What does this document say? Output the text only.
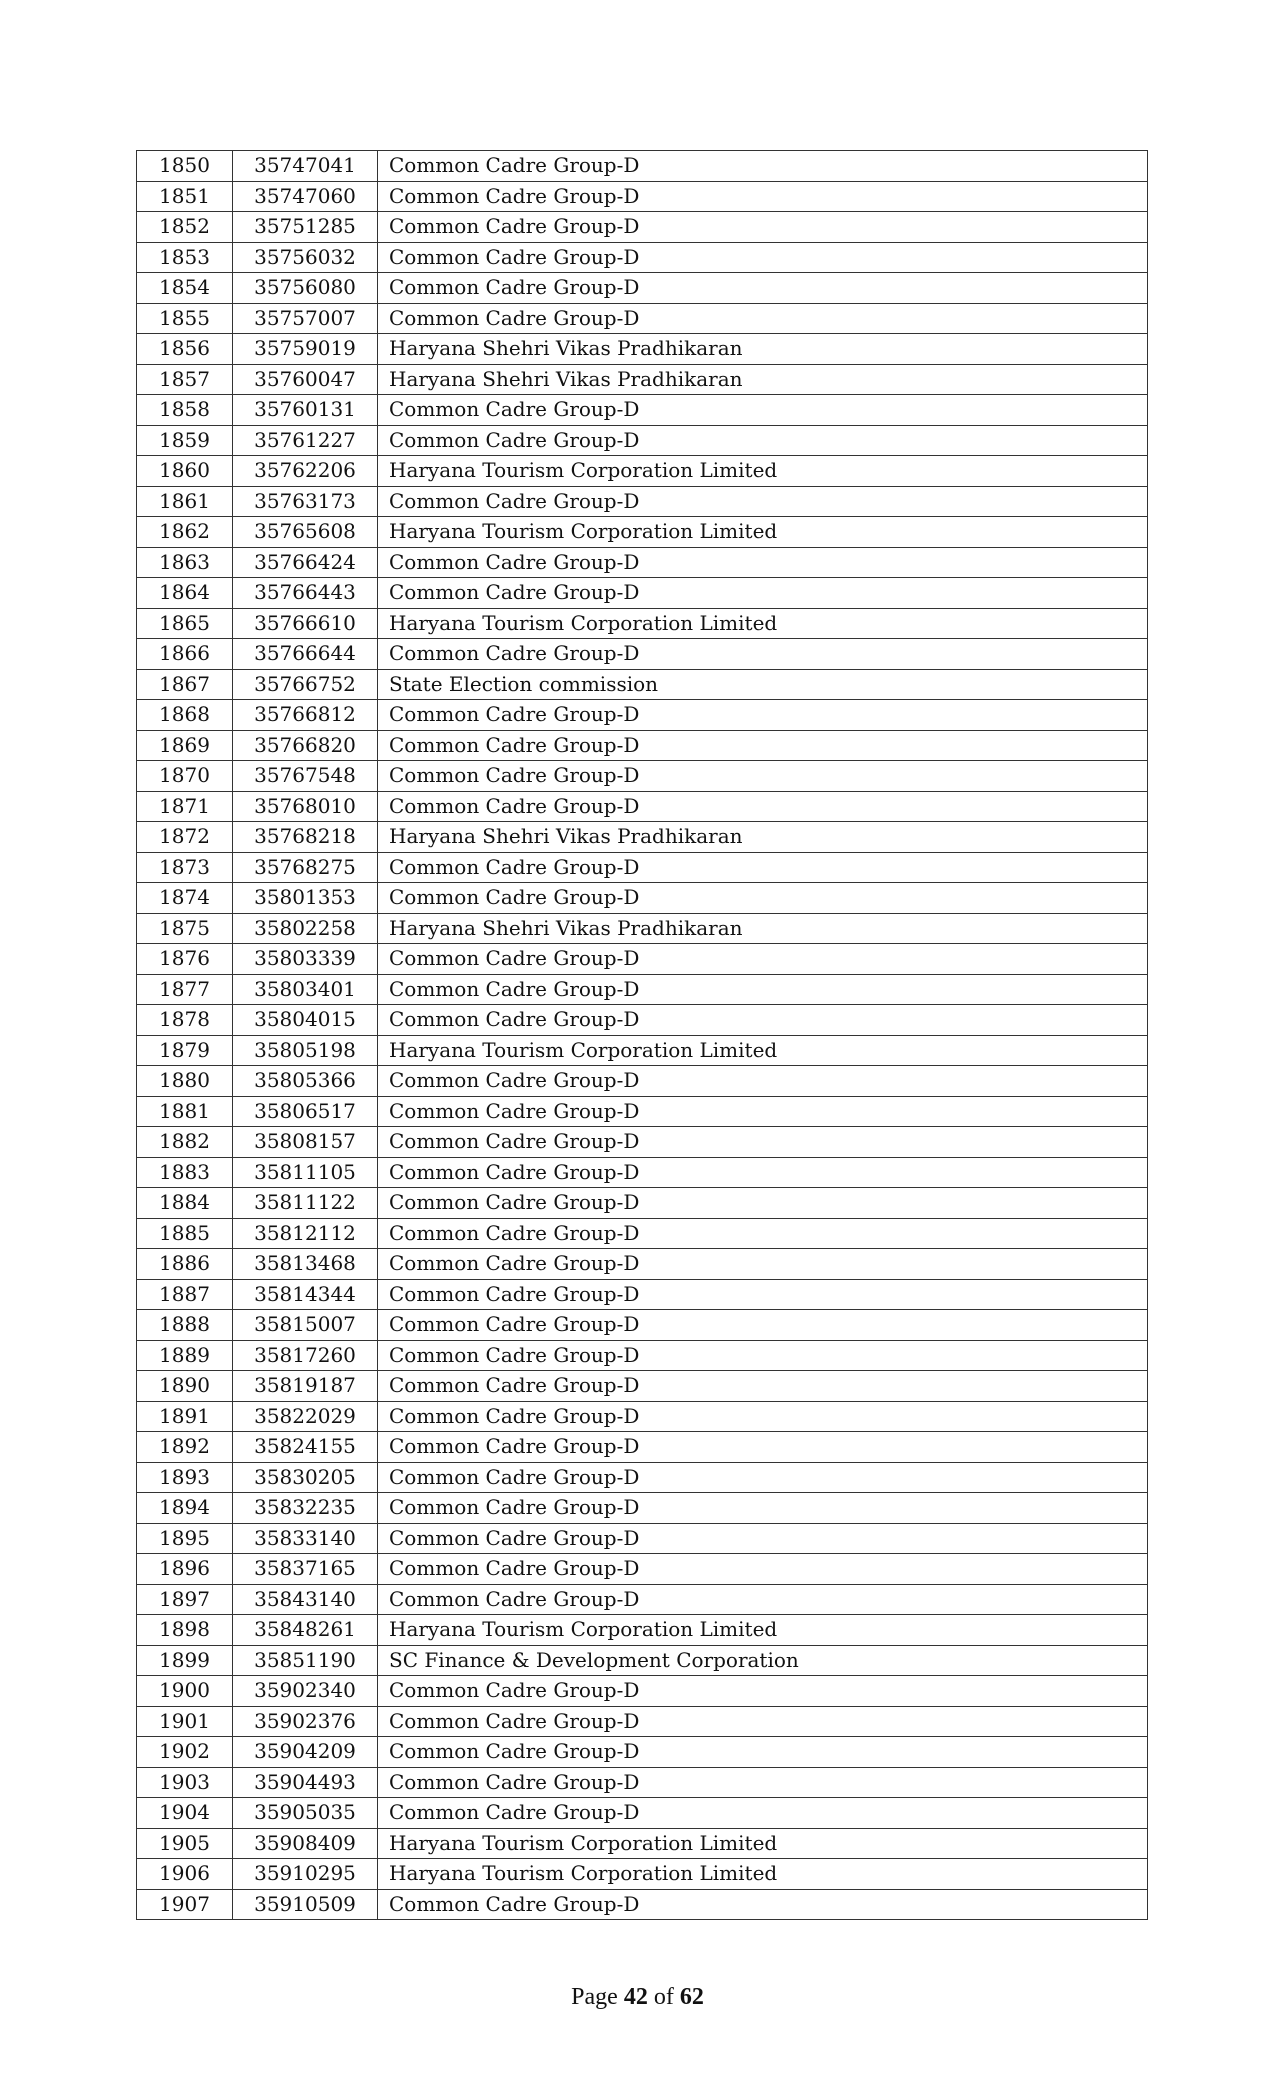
1850	35747041	Common Cadre Group-D
1851	35747060	Common Cadre Group-D
1852	35751285	Common Cadre Group-D
1853	35756032	Common Cadre Group-D
1854	35756080	Common Cadre Group-D
1855	35757007	Common Cadre Group-D
1856	35759019	Haryana Shehri Vikas Pradhikaran
1857	35760047	Haryana Shehri Vikas Pradhikaran
1858	35760131	Common Cadre Group-D
1859	35761227	Common Cadre Group-D
1860	35762206	Haryana Tourism Corporation Limited
1861	35763173	Common Cadre Group-D
1862	35765608	Haryana Tourism Corporation Limited
1863	35766424	Common Cadre Group-D
1864	35766443	Common Cadre Group-D
1865	35766610	Haryana Tourism Corporation Limited
1866	35766644	Common Cadre Group-D
1867	35766752	State Election commission
1868	35766812	Common Cadre Group-D
1869	35766820	Common Cadre Group-D
1870	35767548	Common Cadre Group-D
1871	35768010	Common Cadre Group-D
1872	35768218	Haryana Shehri Vikas Pradhikaran
1873	35768275	Common Cadre Group-D
1874	35801353	Common Cadre Group-D
1875	35802258	Haryana Shehri Vikas Pradhikaran
1876	35803339	Common Cadre Group-D
1877	35803401	Common Cadre Group-D
1878	35804015	Common Cadre Group-D
1879	35805198	Haryana Tourism Corporation Limited
1880	35805366	Common Cadre Group-D
1881	35806517	Common Cadre Group-D
1882	35808157	Common Cadre Group-D
1883	35811105	Common Cadre Group-D
1884	35811122	Common Cadre Group-D
1885	35812112	Common Cadre Group-D
1886	35813468	Common Cadre Group-D
1887	35814344	Common Cadre Group-D
1888	35815007	Common Cadre Group-D
1889	35817260	Common Cadre Group-D
1890	35819187	Common Cadre Group-D
1891	35822029	Common Cadre Group-D
1892	35824155	Common Cadre Group-D
1893	35830205	Common Cadre Group-D
1894	35832235	Common Cadre Group-D
1895	35833140	Common Cadre Group-D
1896	35837165	Common Cadre Group-D
1897	35843140	Common Cadre Group-D
1898	35848261	Haryana Tourism Corporation Limited
1899	35851190	SC Finance & Development Corporation
1900	35902340	Common Cadre Group-D
1901	35902376	Common Cadre Group-D
1902	35904209	Common Cadre Group-D
1903	35904493	Common Cadre Group-D
1904	35905035	Common Cadre Group-D
1905	35908409	Haryana Tourism Corporation Limited
1906	35910295	Haryana Tourism Corporation Limited
1907	35910509	Common Cadre Group-D
Page 42 of 62
